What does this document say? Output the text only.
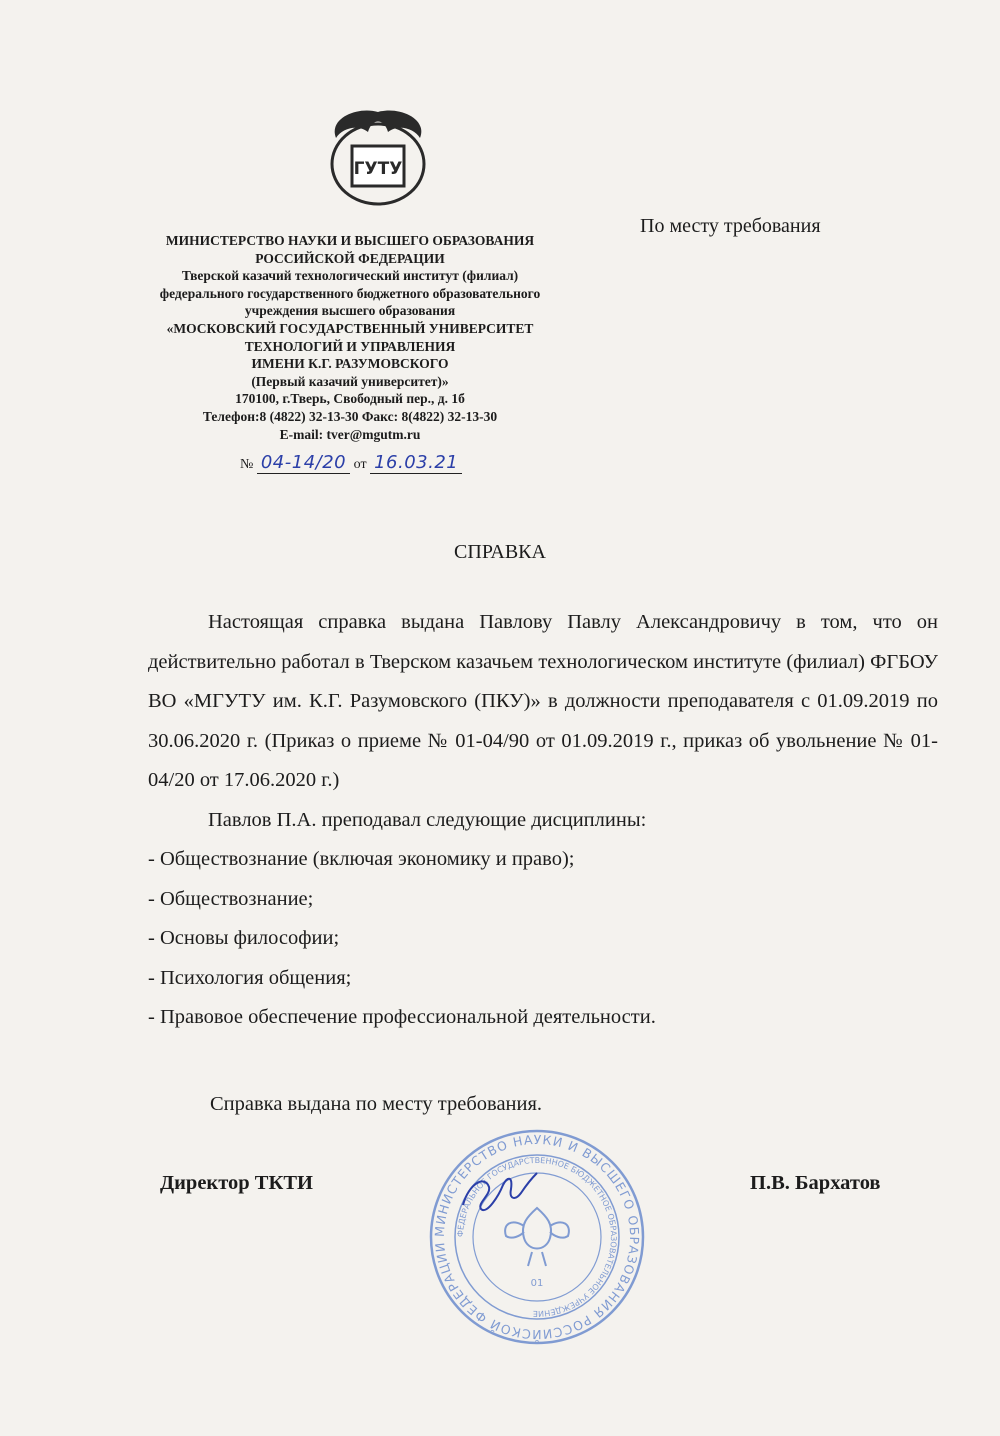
ГУТУ
МИНИСТЕРСТВО НАУКИ И ВЫСШЕГО ОБРАЗОВАНИЯ
РОССИЙСКОЙ ФЕДЕРАЦИИ
Тверской казачий технологический институт (филиал)
федерального государственного бюджетного образовательного
учреждения высшего образования
«МОСКОВСКИЙ ГОСУДАРСТВЕННЫЙ УНИВЕРСИТЕТ
ТЕХНОЛОГИЙ И УПРАВЛЕНИЯ
ИМЕНИ К.Г. РАЗУМОВСКОГО
(Первый казачий университет)»
170100, г.Тверь, Свободный пер., д. 1б
Телефон:8 (4822) 32-13-30 Факс: 8(4822) 32-13-30
E-mail: tver@mgutm.ru
По месту требования
№ 04-14/20 от 16.03.21
СПРАВКА

Настоящая справка выдана Павлову Павлу Александровичу в том, что он действительно работал в Тверском казачьем технологическом институте (филиал) ФГБОУ ВО «МГУТУ им. К.Г. Разумовского (ПКУ)» в должности преподавателя с 01.09.2019 по 30.06.2020 г. (Приказ о приеме № 01-04/90 от 01.09.2019 г., приказ об увольнение № 01-04/20 от 17.06.2020 г.)

Павлов П.А. преподавал следующие дисциплины:

- Обществознание (включая экономику и право);

- Обществознание;

- Основы философии;

- Психология общения;

- Правовое обеспечение профессиональной деятельности.

Справка выдана по месту требования.
МИНИСТЕРСТВО НАУКИ И ВЫСШЕГО ОБРАЗОВАНИЯ РОССИЙСКОЙ ФЕДЕРАЦИИ
ФЕДЕРАЛЬНОЕ ГОСУДАРСТВЕННОЕ БЮДЖЕТНОЕ ОБРАЗОВАТЕЛЬНОЕ УЧРЕЖДЕНИЕ
01
Директор ТКТИ	П.В. Бархатов
